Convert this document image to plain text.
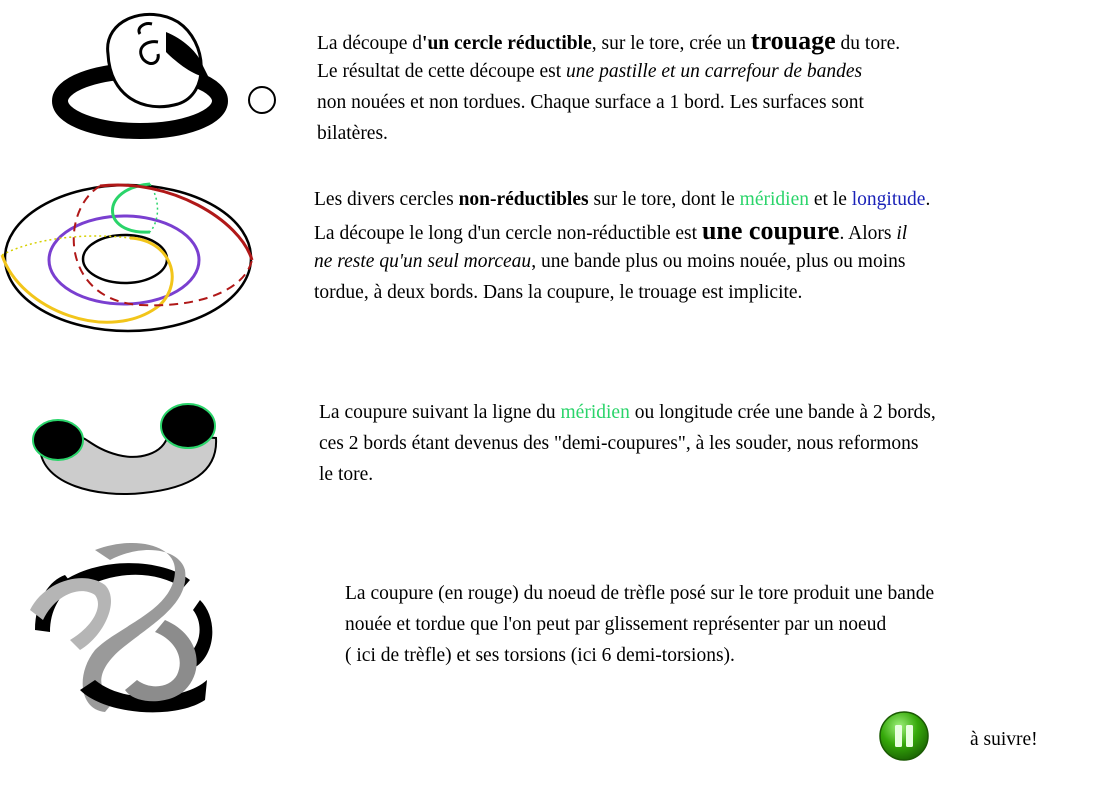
La découpe d'un cercle réductible, sur le tore, crée un trouage du tore.
Le résultat de cette découpe est une pastille et un carrefour de bandes
non nouées et non tordues. Chaque surface a 1 bord. Les surfaces sont
bilatères.
Les divers cercles non-réductibles sur le tore, dont le méridien et le longitude.
La découpe le long d'un cercle non-réductible est une coupure. Alors il
ne reste qu'un seul morceau, une bande plus ou moins nouée, plus ou moins
tordue, à deux bords. Dans la coupure, le trouage est implicite.
La coupure suivant la ligne du méridien ou longitude crée une bande à 2 bords,
ces 2 bords étant devenus des "demi-coupures", à les souder, nous reformons
le tore.
La coupure (en rouge) du noeud de trèfle posé sur le tore produit une bande
nouée et tordue que l'on peut par glissement représenter par un noeud
( ici de trèfle) et ses torsions (ici 6 demi-torsions).
à suivre!
